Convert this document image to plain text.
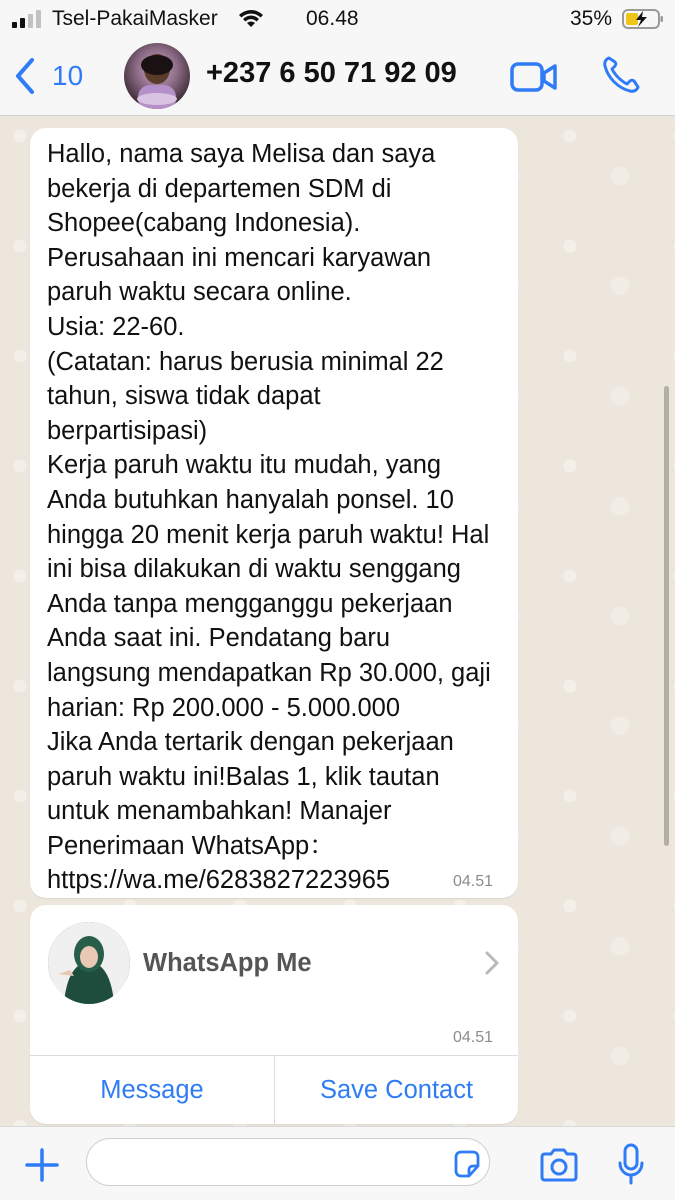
Tsel-PakaiMasker	06.48	35%
10	+237 6 50 71 92 09
Hallo, nama saya Melisa dan saya
bekerja di departemen SDM di
Shopee(cabang Indonesia).
Perusahaan ini mencari karyawan
paruh waktu secara online.
Usia: 22-60.
(Catatan: harus berusia minimal 22
tahun, siswa tidak dapat
berpartisipasi)
Kerja paruh waktu itu mudah, yang
Anda butuhkan hanyalah ponsel. 10
hingga 20 menit kerja paruh waktu! Hal
ini bisa dilakukan di waktu senggang
Anda tanpa mengganggu pekerjaan
Anda saat ini. Pendatang baru
langsung mendapatkan Rp 30.000, gaji
harian: Rp 200.000 - 5.000.000
Jika Anda tertarik dengan pekerjaan
paruh waktu ini!Balas 1, klik tautan
untuk menambahkan! Manajer
Penerimaan WhatsApp：
https://wa.me/6283827223965	04.51
WhatsApp Me
04.51
Message	Save Contact
